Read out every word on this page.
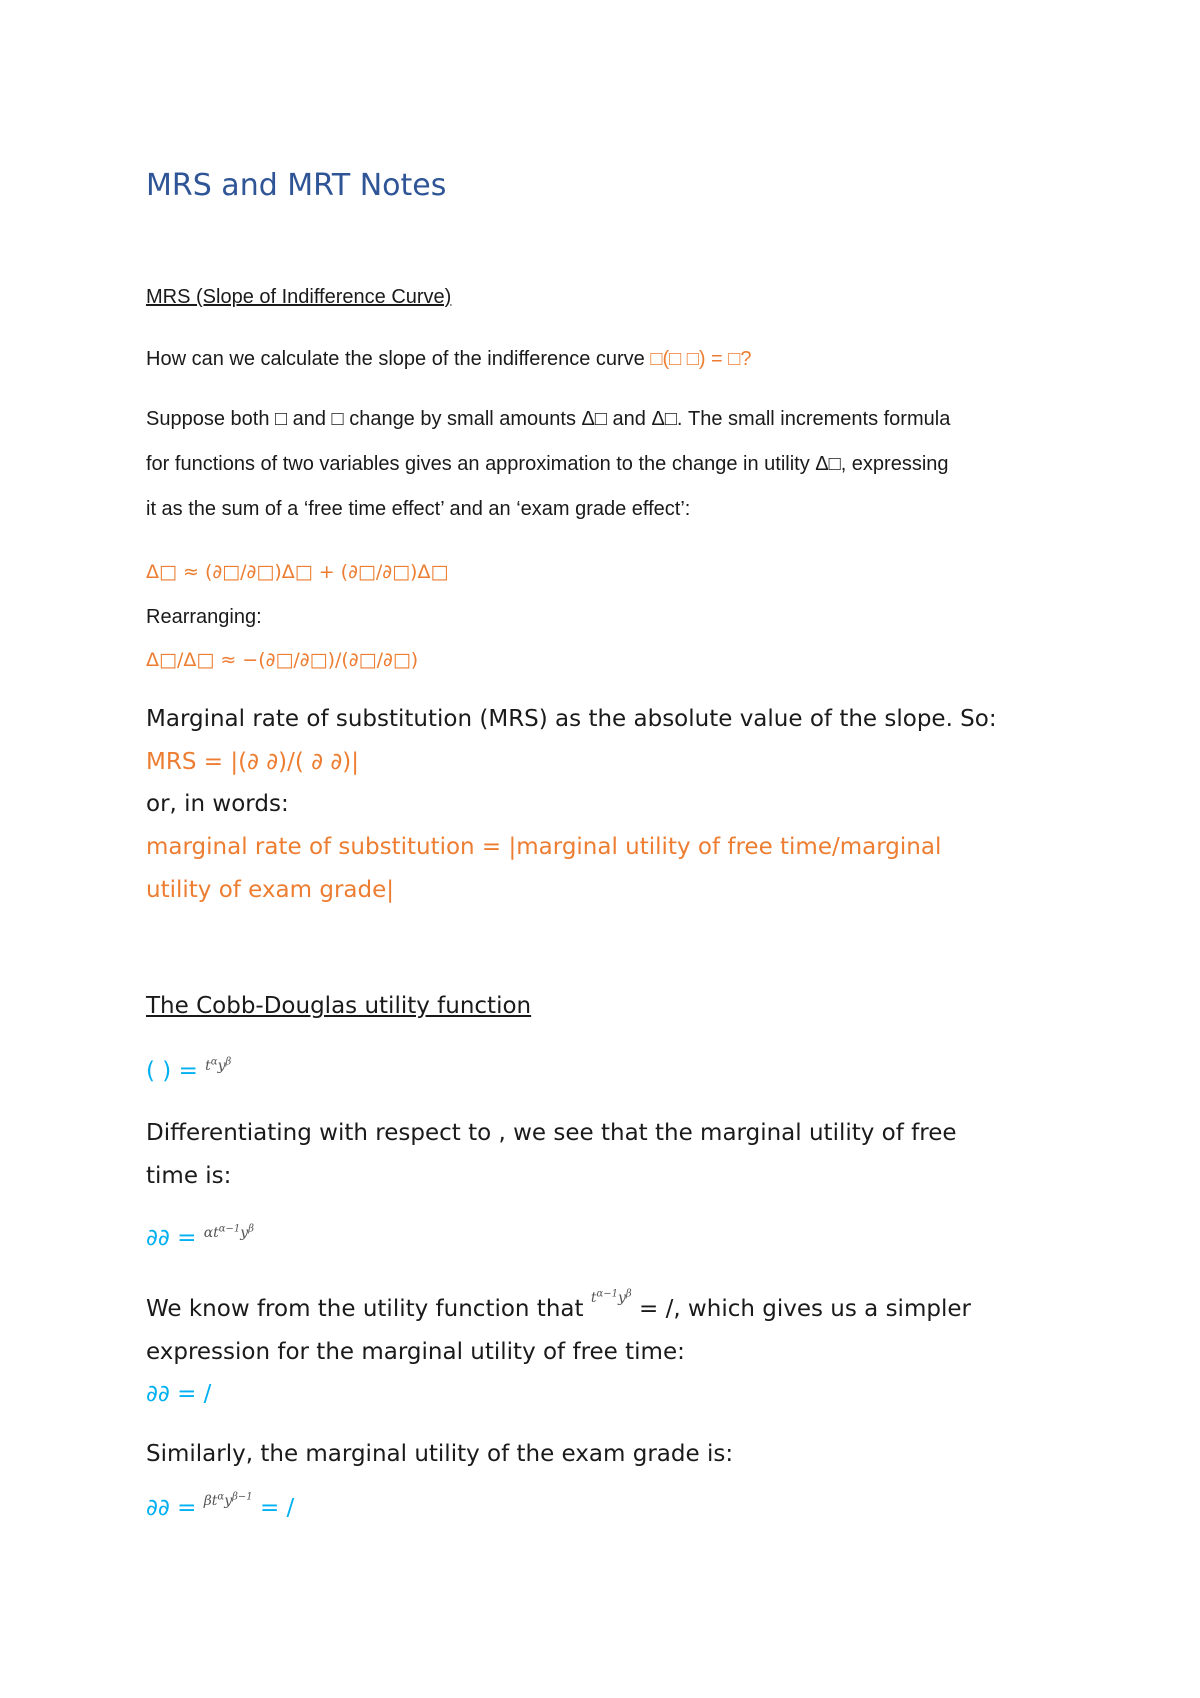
MRS and MRT Notes
MRS (Slope of Indifference Curve)
How can we calculate the slope of the indifference curve □(□ □) = □?
Suppose both □ and □ change by small amounts Δ□ and Δ□. The small increments formula
for functions of two variables gives an approximation to the change in utility Δ□, expressing
it as the sum of a ‘free time effect’ and an ‘exam grade effect’:
Δ□ ≈ (∂□/∂□)Δ□ + (∂□/∂□)Δ□
Rearranging:
Δ□/Δ□ ≈ −(∂□/∂□)/(∂□/∂□)
Marginal rate of substitution (MRS) as the absolute value of the slope. So:
MRS = |(∂ ∂)/( ∂ ∂)|
or, in words:
marginal rate of substitution = |marginal utility of free time/marginal
utility of exam grade|
The Cobb-Douglas utility function
( ) = $^{t^\alpha y^\beta}$
Differentiating with respect to , we see that the marginal utility of free
time is:
∂∂ = $^{\alpha t^{\alpha-1}y^\beta}$
We know from the utility function that $^{t^{\alpha-1}y^\beta}$ = /, which gives us a simpler
expression for the marginal utility of free time:
∂∂ = /
Similarly, the marginal utility of the exam grade is:
∂∂ = $^{\beta t^\alpha y^{\beta-1}}$ = /
